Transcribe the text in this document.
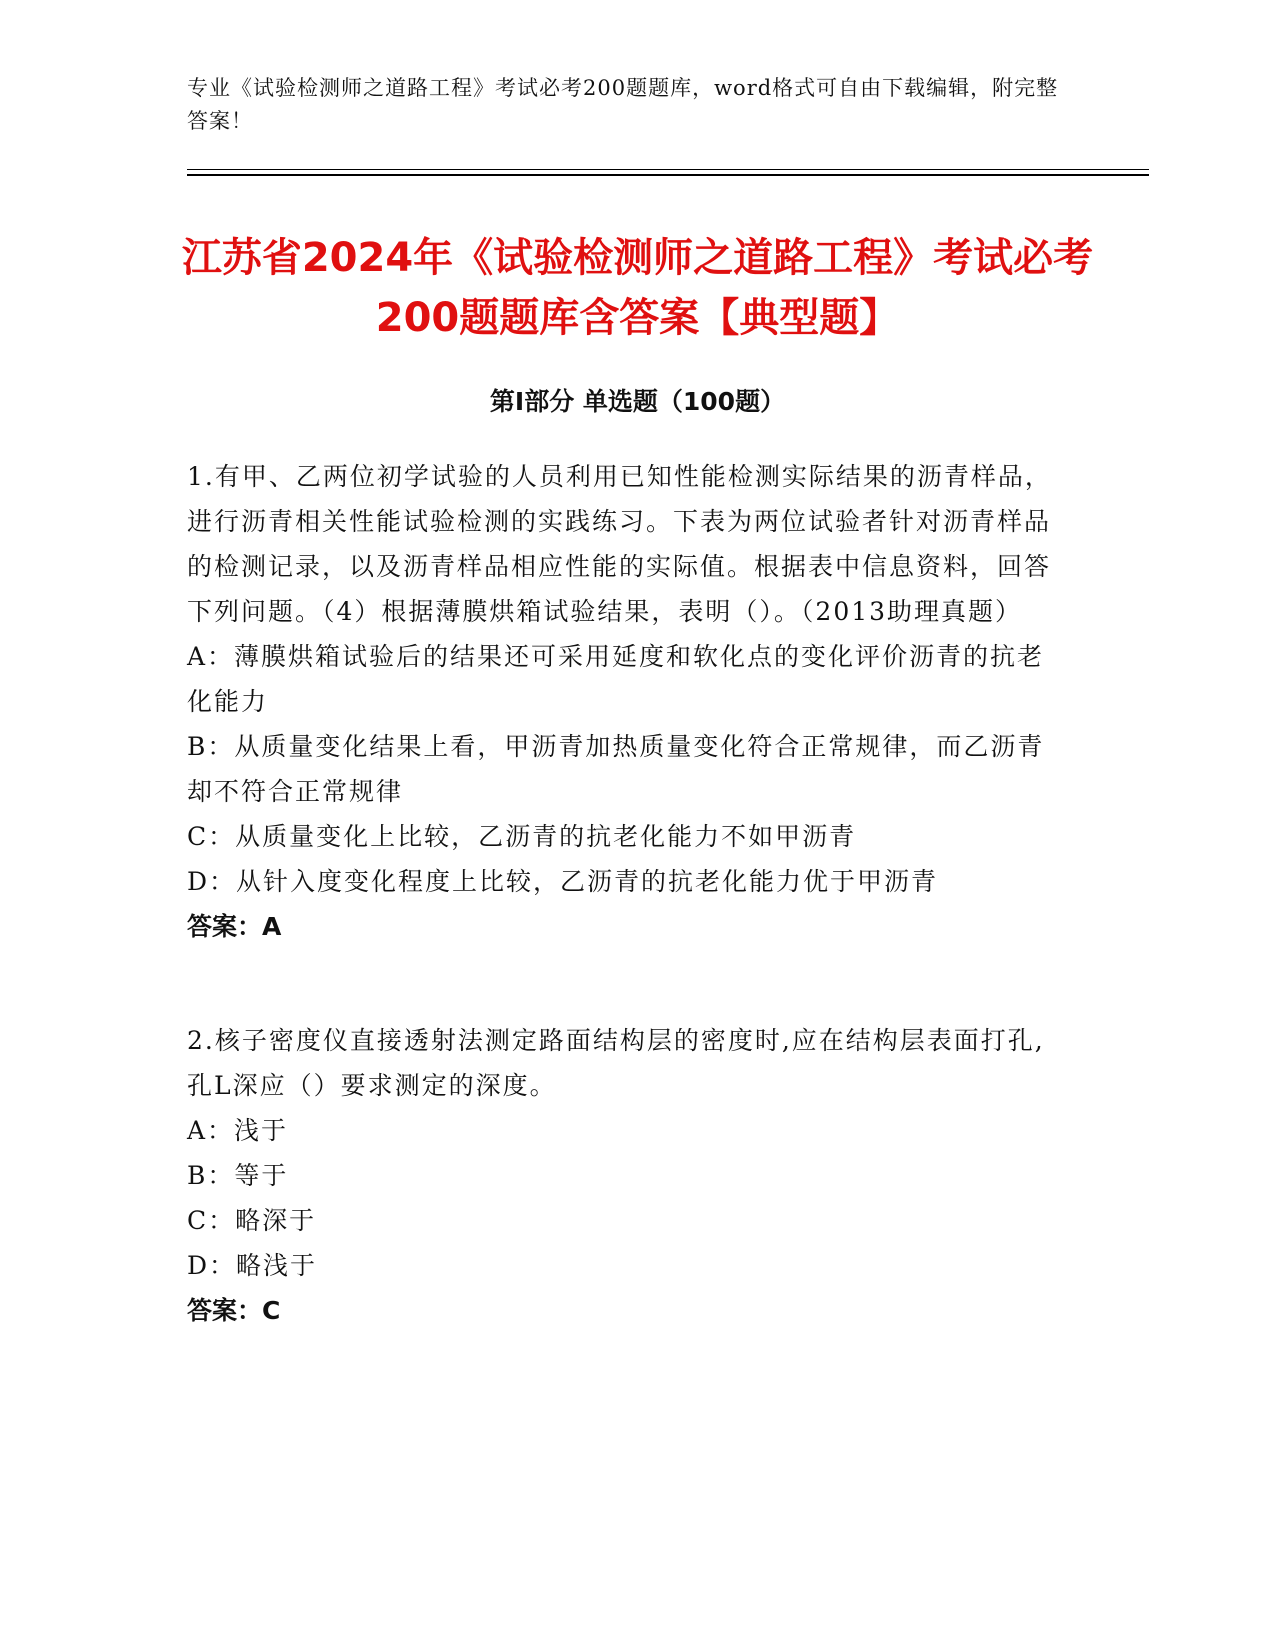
专业《试验检测师之道路工程》考试必考200题题库，word格式可自由下载编辑，附完整答案！
江苏省2024年《试验检测师之道路工程》考试必考200题题库含答案【典型题】
第Ⅰ部分 单选题（100题）

1.有甲、乙两位初学试验的人员利用已知性能检测实际结果的沥青样品，进行沥青相关性能试验检测的实践练习。下表为两位试验者针对沥青样品的检测记录，以及沥青样品相应性能的实际值。根据表中信息资料，回答下列问题。（4）根据薄膜烘箱试验结果，表明（）。（2013助理真题）

A：薄膜烘箱试验后的结果还可采用延度和软化点的变化评价沥青的抗老化能力

B：从质量变化结果上看，甲沥青加热质量变化符合正常规律，而乙沥青却不符合正常规律

C：从质量变化上比较，乙沥青的抗老化能力不如甲沥青

D：从针入度变化程度上比较，乙沥青的抗老化能力优于甲沥青

答案：A

2.核子密度仪直接透射法测定路面结构层的密度时,应在结构层表面打孔,孔L深应（）要求测定的深度。

A：浅于

B：等于

C：略深于

D：略浅于

答案：C
